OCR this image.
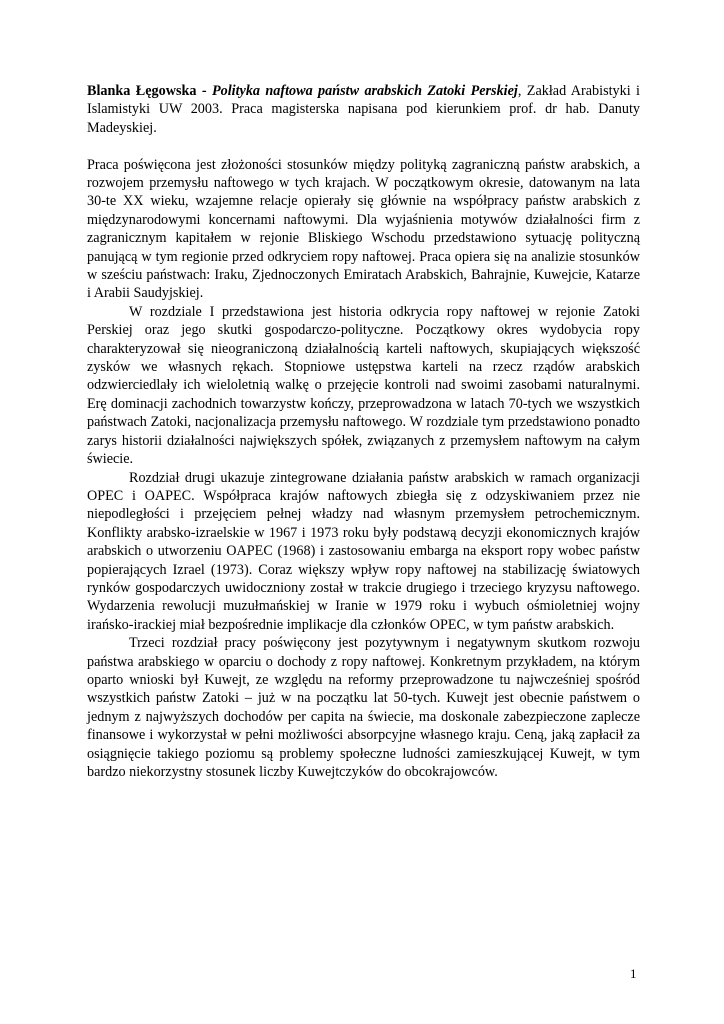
Blanka Łęgowska - Polityka naftowa państw arabskich Zatoki Perskiej, Zakład Arabistyki i Islamistyki UW 2003. Praca magisterska napisana pod kierunkiem prof. dr hab. Danuty Madeyskiej.

Praca poświęcona jest złożoności stosunków między polityką zagraniczną państw arabskich, a rozwojem przemysłu naftowego w tych krajach. W początkowym okresie, datowanym na lata 30-te XX wieku, wzajemne relacje opierały się głównie na współpracy państw arabskich z międzynarodowymi koncernami naftowymi. Dla wyjaśnienia motywów działalności firm z zagranicznym kapitałem w rejonie Bliskiego Wschodu przedstawiono sytuację polityczną panującą w tym regionie przed odkryciem ropy naftowej. Praca opiera się na analizie stosunków w sześciu państwach: Iraku, Zjednoczonych Emiratach Arabskich, Bahrajnie, Kuwejcie, Katarze i Arabii Saudyjskiej.

W rozdziale I przedstawiona jest historia odkrycia ropy naftowej w rejonie Zatoki Perskiej oraz jego skutki gospodarczo-polityczne. Początkowy okres wydobycia ropy charakteryzował się nieograniczoną działalnością karteli naftowych, skupiających większość zysków we własnych rękach. Stopniowe ustępstwa karteli na rzecz rządów arabskich odzwierciedlały ich wieloletnią walkę o przejęcie kontroli nad swoimi zasobami naturalnymi. Erę dominacji zachodnich towarzystw kończy, przeprowadzona w latach 70-tych we wszystkich państwach Zatoki, nacjonalizacja przemysłu naftowego. W rozdziale tym przedstawiono ponadto zarys historii działalności największych spółek, związanych z przemysłem naftowym na całym świecie.

Rozdział drugi ukazuje zintegrowane działania państw arabskich w ramach organizacji OPEC i OAPEC. Współpraca krajów naftowych zbiegła się z odzyskiwaniem przez nie niepodległości i przejęciem pełnej władzy nad własnym przemysłem petrochemicznym. Konflikty arabsko-izraelskie w 1967 i 1973 roku były podstawą decyzji ekonomicznych krajów arabskich o utworzeniu OAPEC (1968) i zastosowaniu embarga na eksport ropy wobec państw popierających Izrael (1973). Coraz większy wpływ ropy naftowej na stabilizację światowych rynków gospodarczych uwidoczniony został w trakcie drugiego i trzeciego kryzysu naftowego. Wydarzenia rewolucji muzułmańskiej w Iranie w 1979 roku i wybuch ośmioletniej wojny irańsko-irackiej miał bezpośrednie implikacje dla członków OPEC, w tym państw arabskich.

Trzeci rozdział pracy poświęcony jest pozytywnym i negatywnym skutkom rozwoju państwa arabskiego w oparciu o dochody z ropy naftowej. Konkretnym przykładem, na którym oparto wnioski był Kuwejt, ze względu na reformy przeprowadzone tu najwcześniej spośród wszystkich państw Zatoki – już w na początku lat 50-tych. Kuwejt jest obecnie państwem o jednym z najwyższych dochodów per capita na świecie, ma doskonale zabezpieczone zaplecze finansowe i wykorzystał w pełni możliwości absorpcyjne własnego kraju. Ceną, jaką zapłacił za osiągnięcie takiego poziomu są problemy społeczne ludności zamieszkującej Kuwejt, w tym bardzo niekorzystny stosunek liczby Kuwejtczyków do obcokrajowców.

1
